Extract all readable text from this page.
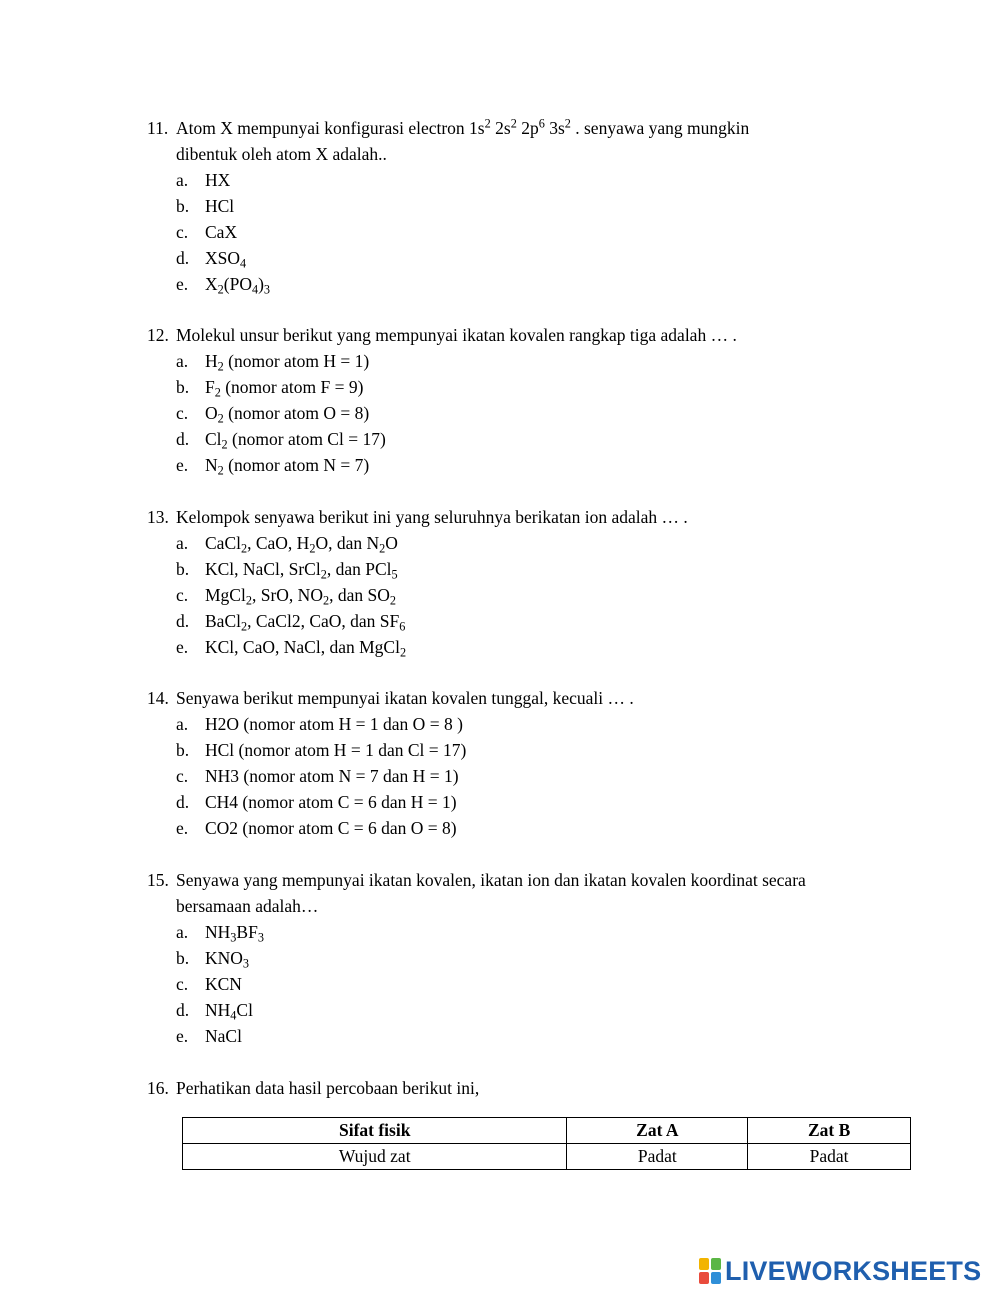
11. Atom X mempunyai konfigurasi electron $1s^2$ $2s^2$ $2p^6$ $3s^2$ . senyawa yang mungkin
dibentuk oleh atom X adalah..
a. HX
b. HCl
c. CaX
d. $XSO_4$
e. $X_2(PO_4)_3$
12. Molekul unsur berikut yang mempunyai ikatan kovalen rangkap tiga adalah … .
a. $H_2$ (nomor atom H = 1)
b. $F_2$ (nomor atom F = 9)
c. $O_2$ (nomor atom O = 8)
d. $Cl_2$ (nomor atom Cl = 17)
e. $N_2$ (nomor atom N = 7)
13. Kelompok senyawa berikut ini yang seluruhnya berikatan ion adalah … .
a. CaCl$_2$, CaO, $H_2O$, dan $N_2O$
b. KCl, NaCl, SrCl$_2$, dan PCl$_5$
c. MgCl$_2$, SrO, $NO_2$, dan $SO_2$
d. BaCl$_2$, CaCl2, CaO, dan $SF_6$
e. KCl, CaO, NaCl, dan MgCl$_2$
14. Senyawa berikut mempunyai ikatan kovalen tunggal, kecuali … .
a. H2O (nomor atom H = 1 dan O = 8 )
b. HCl (nomor atom H = 1 dan Cl = 17)
c. NH3 (nomor atom N = 7 dan H = 1)
d. CH4 (nomor atom C = 6 dan H = 1)
e. CO2 (nomor atom C = 6 dan O = 8)
15. Senyawa yang mempunyai ikatan kovalen, ikatan ion dan ikatan kovalen koordinat secara
bersamaan adalah…
a. $NH_3BF_3$
b. $KNO_3$
c. KCN
d. $NH_4Cl$
e. NaCl
16. Perhatikan data hasil percobaan berikut ini,
Sifat fisik	Zat A	Zat B
Wujud zat	Padat	Padat
LIVEWORKSHEETS
